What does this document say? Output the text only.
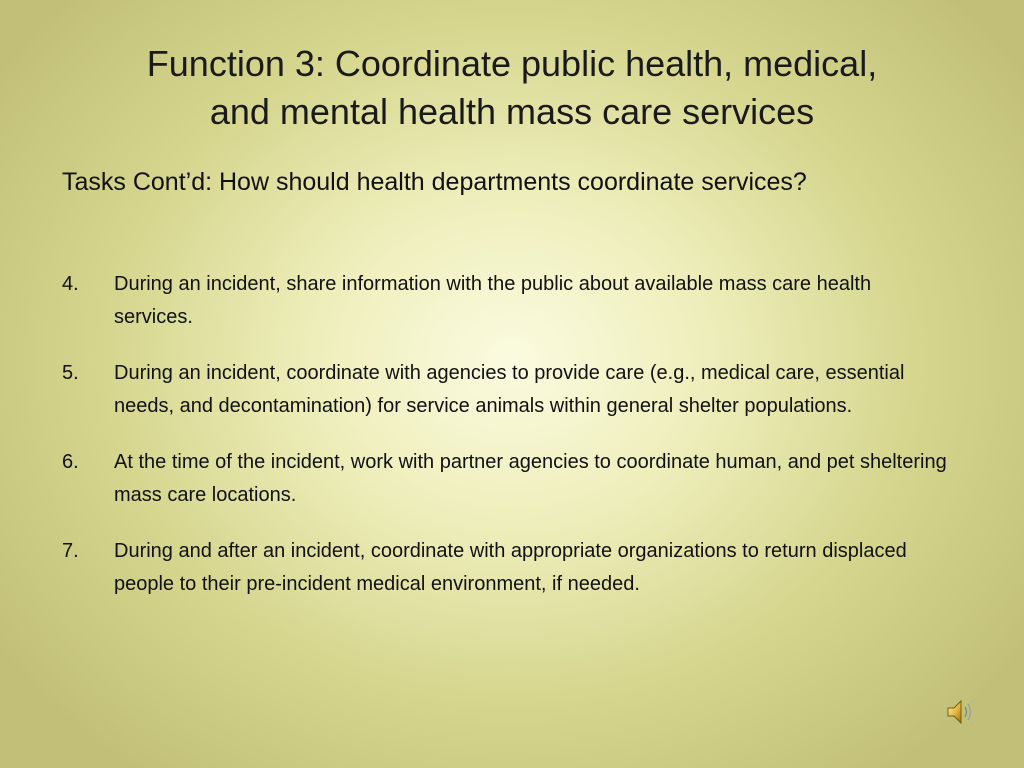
Function 3: Coordinate public health, medical,
and mental health mass care services

Tasks Cont’d: How should health departments coordinate services?

4.	During an incident, share information with the public about available mass care health services.
5.	During an incident, coordinate with agencies to provide care (e.g., medical care, essential needs, and decontamination) for service animals within general shelter populations.
6.	At the time of the incident, work with partner agencies to coordinate human, and pet sheltering mass care locations.
7.	During and after an incident, coordinate with appropriate organizations to return displaced people to their pre-incident medical environment, if needed.
